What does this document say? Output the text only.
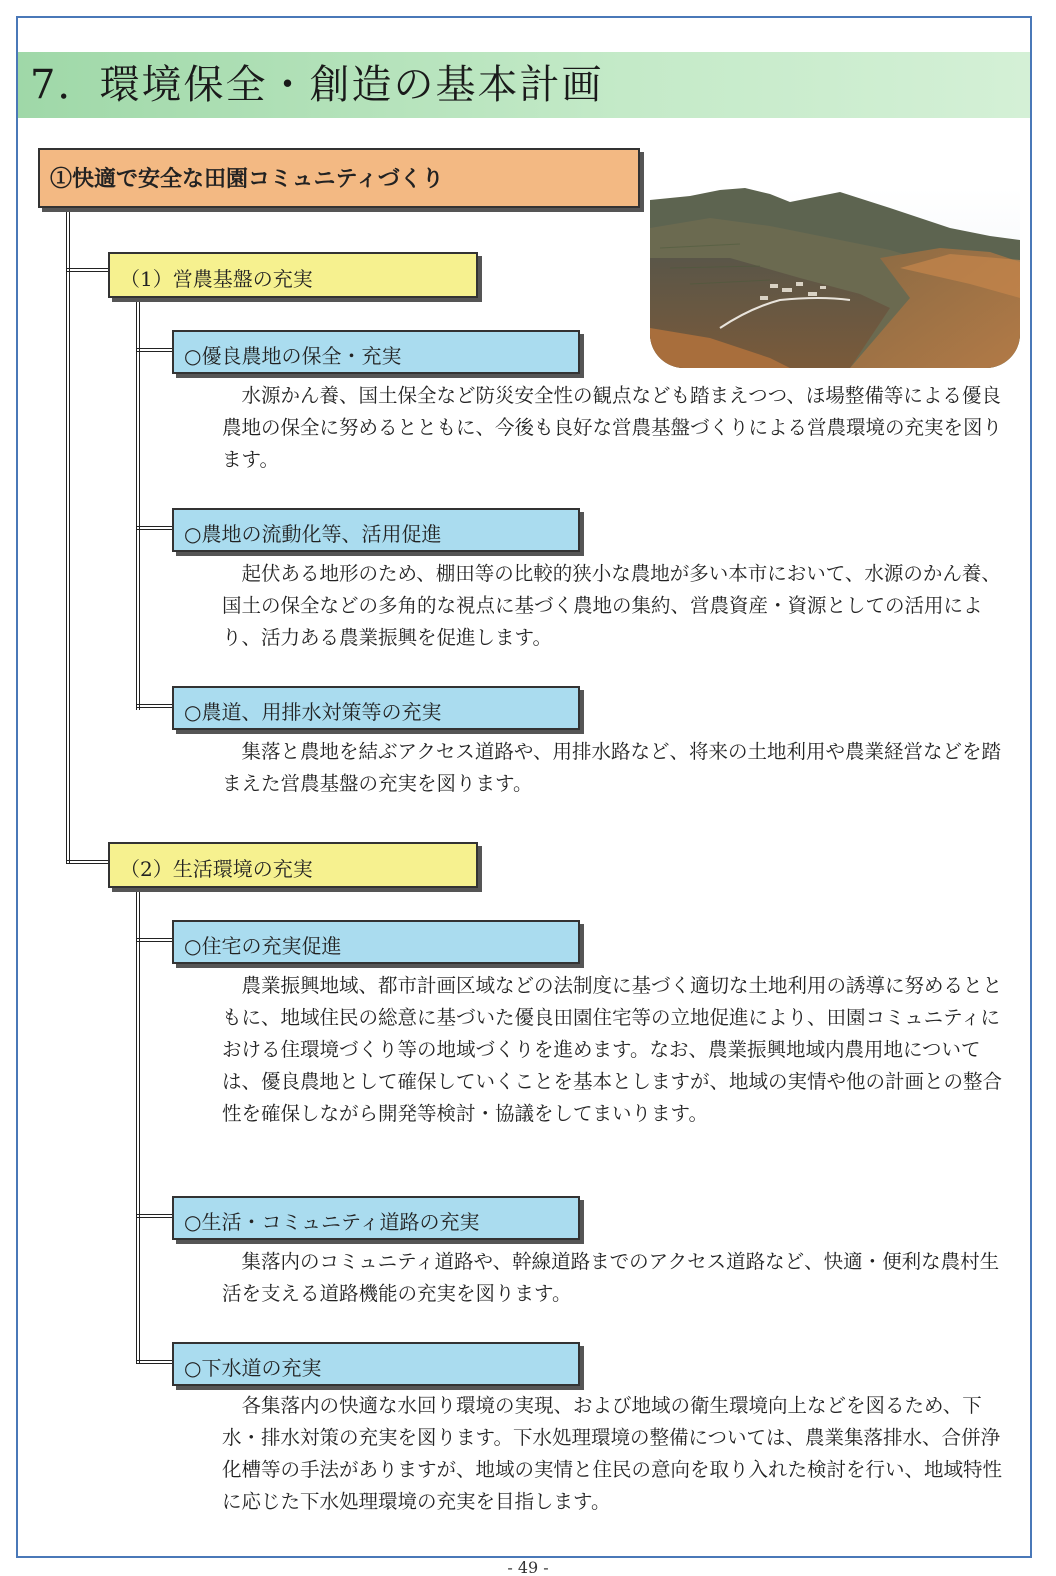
7．環境保全・創造の基本計画
①快適で安全な田園コミュニティづくり
（1）営農基盤の充実
○優良農地の保全・充実

水源かん養、国土保全など防災安全性の観点なども踏まえつつ、ほ場整備等による優良農地の保全に努めるとともに、今後も良好な営農基盤づくりによる営農環境の充実を図ります。

○農地の流動化等、活用促進

起伏ある地形のため、棚田等の比較的狭小な農地が多い本市において、水源のかん養、国土の保全などの多角的な視点に基づく農地の集約、営農資産・資源としての活用により、活力ある農業振興を促進します。

○農道、用排水対策等の充実

集落と農地を結ぶアクセス道路や、用排水路など、将来の土地利用や農業経営などを踏まえた営農基盤の充実を図ります。

（2）生活環境の充実
○住宅の充実促進

農業振興地域、都市計画区域などの法制度に基づく適切な土地利用の誘導に努めるとともに、地域住民の総意に基づいた優良田園住宅等の立地促進により、田園コミュニティにおける住環境づくり等の地域づくりを進めます。なお、農業振興地域内農用地については、優良農地として確保していくことを基本としますが、地域の実情や他の計画との整合性を確保しながら開発等検討・協議をしてまいります。

○生活・コミュニティ道路の充実

集落内のコミュニティ道路や、幹線道路までのアクセス道路など、快適・便利な農村生活を支える道路機能の充実を図ります。

○下水道の充実

各集落内の快適な水回り環境の実現、および地域の衛生環境向上などを図るため、下水・排水対策の充実を図ります。下水処理環境の整備については、農業集落排水、合併浄化槽等の手法がありますが、地域の実情と住民の意向を取り入れた検討を行い、地域特性に応じた下水処理環境の充実を目指します。

- 49 -
